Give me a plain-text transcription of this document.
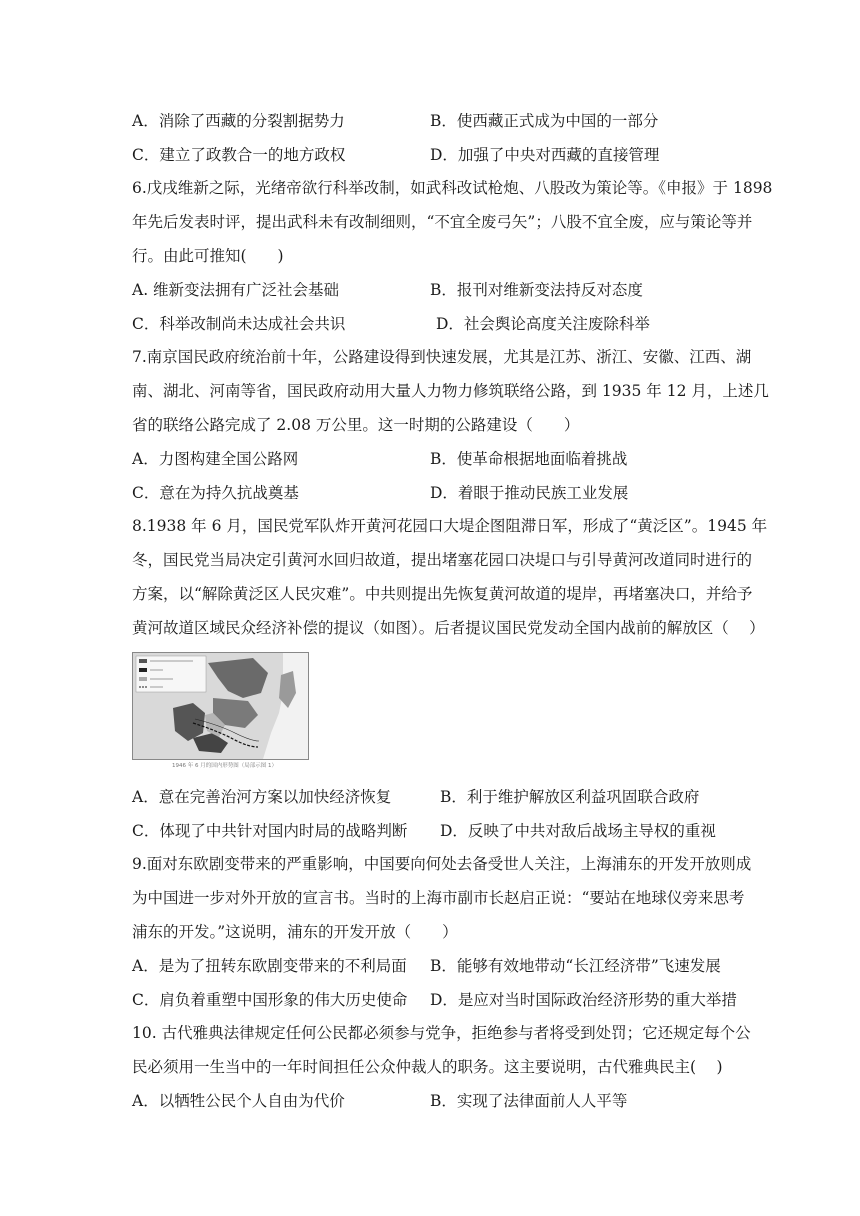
A．消除了西藏的分裂割据势力	B．使西藏正式成为中国的一部分
C．建立了政教合一的地方政权	D．加强了中央对西藏的直接管理
6.戊戌维新之际，光绪帝欲行科举改制，如武科改试枪炮、八股改为策论等。《申报》于 1898
年先后发表时评，提出武科未有改制细则，“不宜全废弓矢”；八股不宜全废，应与策论等并
行。由此可推知(　　)
A. 维新变法拥有广泛社会基础	B．报刊对维新变法持反对态度
C．科举改制尚未达成社会共识	D．社会舆论高度关注废除科举
7.南京国民政府统治前十年，公路建设得到快速发展，尤其是江苏、浙江、安徽、江西、湖
南、湖北、河南等省，国民政府动用大量人力物力修筑联络公路，到 1935 年 12 月，上述几
省的联络公路完成了 2.08 万公里。这一时期的公路建设（　　）
A．力图构建全国公路网	B．使革命根据地面临着挑战
C．意在为持久抗战奠基	D．着眼于推动民族工业发展
8.1938 年 6 月，国民党军队炸开黄河花园口大堤企图阻滞日军，形成了“黄泛区”。1945 年
冬，国民党当局决定引黄河水回归故道，提出堵塞花园口决堤口与引导黄河改道同时进行的
方案，以“解除黄泛区人民灾难”。中共则提出先恢复黄河故道的堤岸，再堵塞决口，并给予
黄河故道区域民众经济补偿的提议（如图）。后者提议国民党发动全国内战前的解放区（　 ）
1946 年 6 月的国内形势图（局部示图 1）
A．意在完善治河方案以加快经济恢复	B．利于维护解放区利益巩固联合政府
C．体现了中共针对国内时局的战略判断 D．反映了中共对敌后战场主导权的重视
9.面对东欧剧变带来的严重影响，中国要向何处去备受世人关注，上海浦东的开发开放则成
为中国进一步对外开放的宣言书。当时的上海市副市长赵启正说：“要站在地球仪旁来思考
浦东的开发。”这说明，浦东的开发开放（　　）
A．是为了扭转东欧剧变带来的不利局面 B．能够有效地带动“长江经济带”飞速发展
C．肩负着重塑中国形象的伟大历史使命 D．是应对当时国际政治经济形势的重大举措
10. 古代雅典法律规定任何公民都必须参与党争，拒绝参与者将受到处罚；它还规定每个公
民必须用一生当中的一年时间担任公众仲裁人的职务。这主要说明，古代雅典民主(　 )
A．以牺牲公民个人自由为代价	B．实现了法律面前人人平等
